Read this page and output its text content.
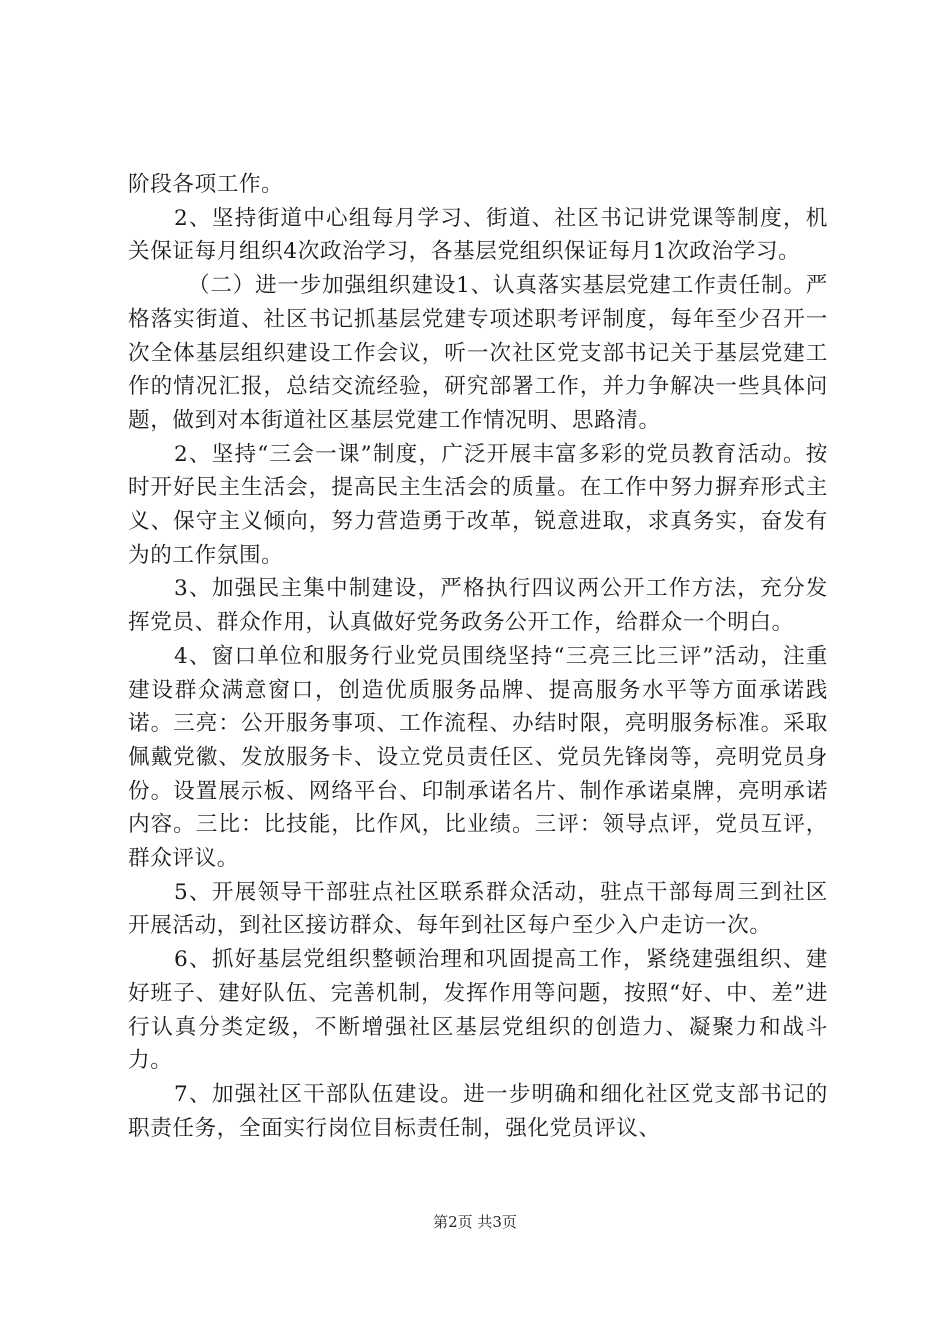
阶段各项工作。

2、坚持街道中心组每月学习、街道、社区书记讲党课等制度，机关保证每月组织4次政治学习，各基层党组织保证每月1次政治学习。

（二）进一步加强组织建设1、认真落实基层党建工作责任制。严格落实街道、社区书记抓基层党建专项述职考评制度，每年至少召开一次全体基层组织建设工作会议，听一次社区党支部书记关于基层党建工作的情况汇报，总结交流经验，研究部署工作，并力争解决一些具体问题，做到对本街道社区基层党建工作情况明、思路清。

2、坚持“三会一课”制度，广泛开展丰富多彩的党员教育活动。按时开好民主生活会，提高民主生活会的质量。在工作中努力摒弃形式主义、保守主义倾向，努力营造勇于改革，锐意进取，求真务实，奋发有为的工作氛围。

3、加强民主集中制建设，严格执行四议两公开工作方法，充分发挥党员、群众作用，认真做好党务政务公开工作，给群众一个明白。

4、窗口单位和服务行业党员围绕坚持“三亮三比三评”活动，注重建设群众满意窗口，创造优质服务品牌、提高服务水平等方面承诺践诺。三亮：公开服务事项、工作流程、办结时限，亮明服务标准。采取佩戴党徽、发放服务卡、设立党员责任区、党员先锋岗等，亮明党员身份。设置展示板、网络平台、印制承诺名片、制作承诺桌牌，亮明承诺内容。三比：比技能，比作风，比业绩。三评：领导点评，党员互评，群众评议。

5、开展领导干部驻点社区联系群众活动，驻点干部每周三到社区开展活动，到社区接访群众、每年到社区每户至少入户走访一次。

6、抓好基层党组织整顿治理和巩固提高工作，紧绕建强组织、建好班子、建好队伍、完善机制，发挥作用等问题，按照“好、中、差”进行认真分类定级，不断增强社区基层党组织的创造力、凝聚力和战斗力。

7、加强社区干部队伍建设。进一步明确和细化社区党支部书记的职责任务，全面实行岗位目标责任制，强化党员评议、

第2页 共3页
